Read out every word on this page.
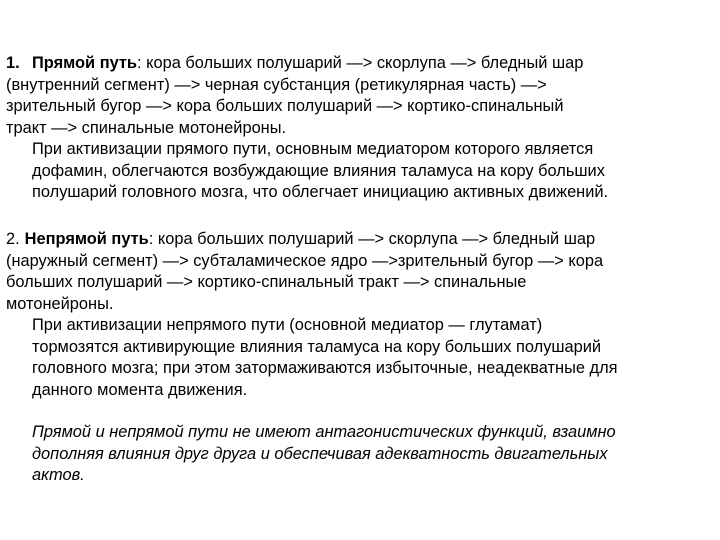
1. Прямой путь: кора больших полушарий —> скорлупа —> бледный шар
(внутренний сегмент) —> черная субстанция (ретикулярная часть) —>
зрительный бугор —> кора больших полушарий —> кортико-спинальный
тракт —> спинальные мотонейроны.

При активизации прямого пути, основным медиатором которого является
дофамин, облегчаются возбуждающие влияния таламуса на кору больших
полушарий головного мозга, что облегчает инициацию активных движений.

2. Непрямой путь: кора больших полушарий —> скорлупа —> бледный шар
(наружный сегмент) —> субталамическое ядро —>зрительный бугор —> кора
больших полушарий —> кортико-спинальный тракт —> спинальные
мотонейроны.

При активизации непрямого пути (основной медиатор — глутамат)
тормозятся активирующие влияния таламуса на кору больших полушарий
головного мозга; при этом затормаживаются избыточные, неадекватные для
данного момента движения.

Прямой и непрямой пути не имеют антагонистических функций, взаимно
дополняя влияния друг друга и обеспечивая адекватность двигательных
актов.
